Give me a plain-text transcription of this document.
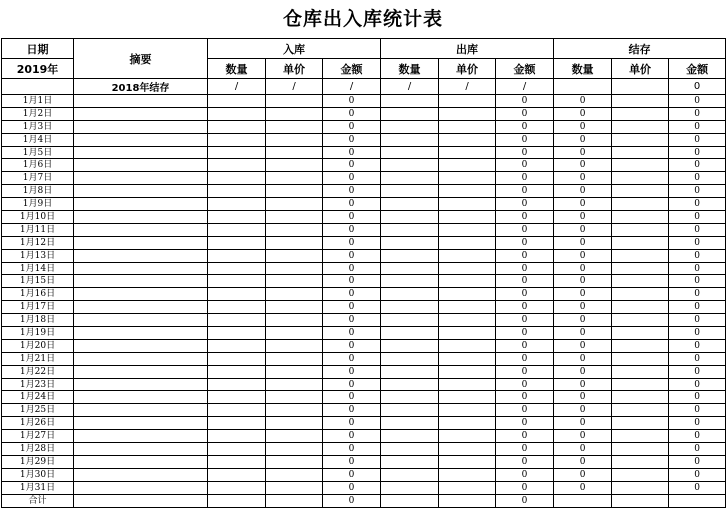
仓库出入库统计表
日期	摘要	入库			出库			结存		
2019年		数量	单价	金额	数量	单价	金额	数量	单价	金额
	2018年结存	/	/	/	/	/	/			0
1月1日				0			0	0		0
1月2日				0			0	0		0
1月3日				0			0	0		0
1月4日				0			0	0		0
1月5日				0			0	0		0
1月6日				0			0	0		0
1月7日				0			0	0		0
1月8日				0			0	0		0
1月9日				0			0	0		0
1月10日				0			0	0		0
1月11日				0			0	0		0
1月12日				0			0	0		0
1月13日				0			0	0		0
1月14日				0			0	0		0
1月15日				0			0	0		0
1月16日				0			0	0		0
1月17日				0			0	0		0
1月18日				0			0	0		0
1月19日				0			0	0		0
1月20日				0			0	0		0
1月21日				0			0	0		0
1月22日				0			0	0		0
1月23日				0			0	0		0
1月24日				0			0	0		0
1月25日				0			0	0		0
1月26日				0			0	0		0
1月27日				0			0	0		0
1月28日				0			0	0		0
1月29日				0			0	0		0
1月30日				0			0	0		0
1月31日				0			0	0		0
合计				0			0			
